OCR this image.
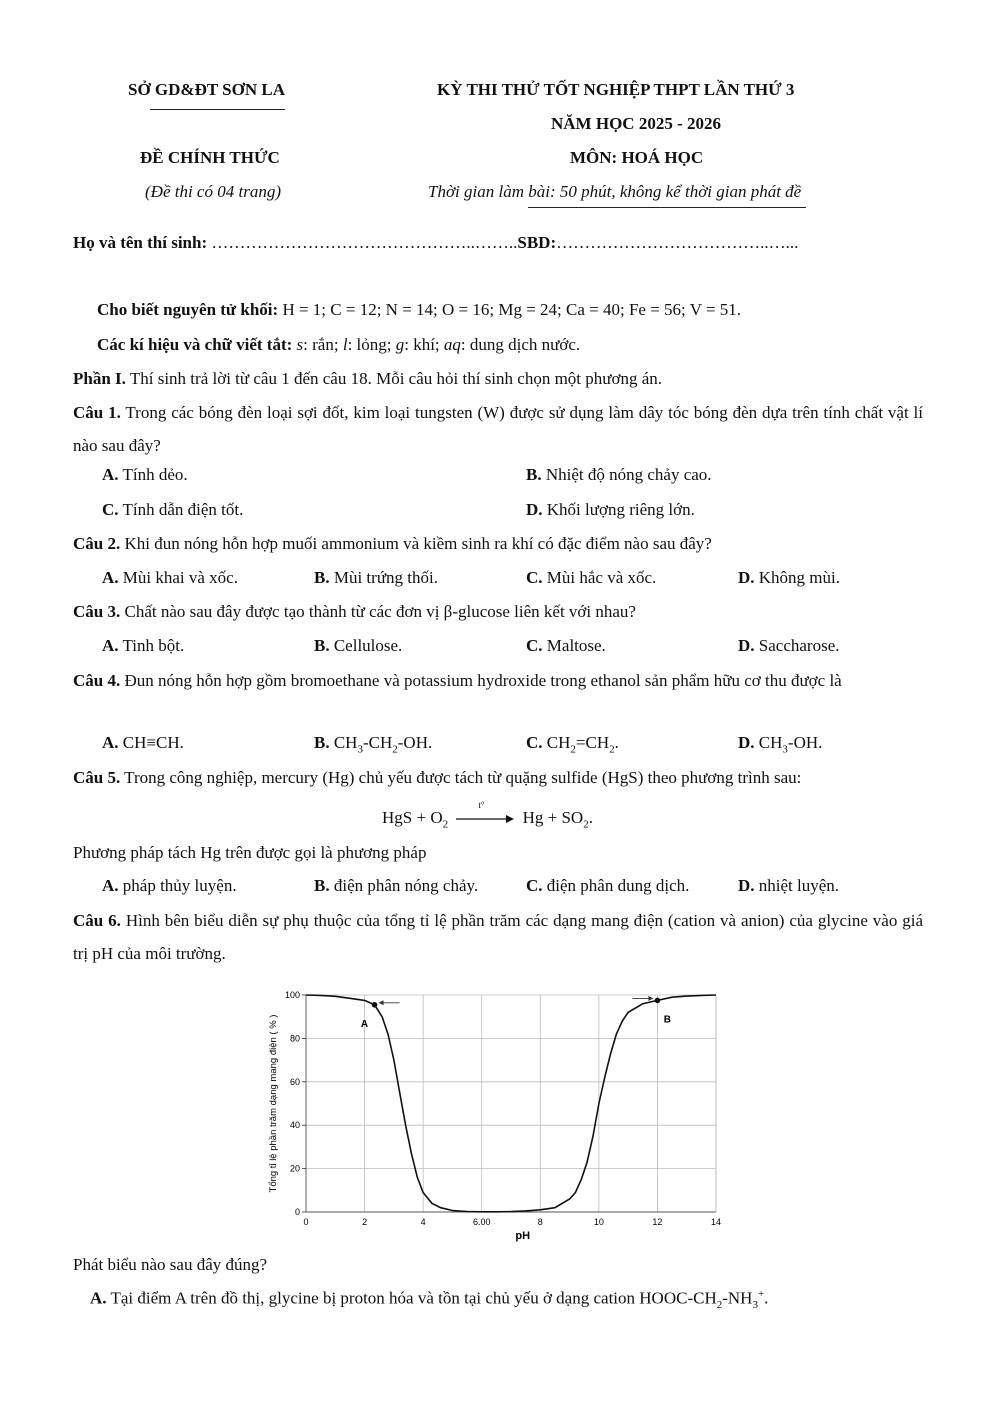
SỞ GD&ĐT SƠN LA	KỲ THI THỬ TỐT NGHIỆP THPT LẦN THỨ 3
NĂM HỌC 2025 - 2026
ĐỀ CHÍNH THỨC	MÔN: HOÁ HỌC
(Đề thi có 04 trang)	Thời gian làm bài: 50 phút, không kể thời gian phát đề
Họ và tên thí sinh: ………………………………………..……..SBD:………………………………..…...
Cho biết nguyên tử khối: H = 1; C = 12; N = 14; O = 16; Mg = 24; Ca = 40; Fe = 56; V = 51.
Các kí hiệu và chữ viết tắt: s: rắn; l: lỏng; g: khí; aq: dung dịch nước.
Phần I. Thí sinh trả lời từ câu 1 đến câu 18. Mỗi câu hỏi thí sinh chọn một phương án.
Câu 1. Trong các bóng đèn loại sợi đốt, kim loại tungsten (W) được sử dụng làm dây tóc bóng đèn dựa trên tính chất vật lí nào sau đây?
A. Tính dẻo.	B. Nhiệt độ nóng chảy cao.
C. Tính dẫn điện tốt.	D. Khối lượng riêng lớn.
Câu 2. Khi đun nóng hỗn hợp muối ammonium và kiềm sinh ra khí có đặc điểm nào sau đây?
A. Mùi khai và xốc.	B. Mùi trứng thối.	C. Mùi hắc và xốc.	D. Không mùi.
Câu 3. Chất nào sau đây được tạo thành từ các đơn vị β-glucose liên kết với nhau?
A. Tinh bột.	B. Cellulose.	C. Maltose.	D. Saccharose.
Câu 4. Đun nóng hỗn hợp gồm bromoethane và potassium hydroxide trong ethanol sản phẩm hữu cơ thu được là
A. CH≡CH.	B. $CH_3-CH_2-OH$.	C. $CH_2=CH_2$.	D. $CH_3-OH$.
Câu 5. Trong công nghiệp, mercury (Hg) chủ yếu được tách từ quặng sulfide (HgS) theo phương trình sau:
HgS + $O_2$
t°
$Hg + SO_2$.
Phương pháp tách Hg trên được gọi là phương pháp
A. pháp thủy luyện.	B. điện phân nóng chảy.	C. điện phân dung dịch.	D. nhiệt luyện.
Câu 6. Hình bên biểu diễn sự phụ thuộc của tổng tỉ lệ phần trăm các dạng mang điện (cation và anion) của glycine vào giá trị pH của môi trường.
0	2	4	6.00	8	10	12	14
0
20
40
60
80
100
A	B
pH
Tổng tỉ lệ phần trăm dạng mang điện ( % )
Phát biểu nào sau đây đúng?
A. Tại điểm A trên đồ thị, glycine bị proton hóa và tồn tại chủ yếu ở dạng cation HOOC-$CH_2-NH_3^+$.
